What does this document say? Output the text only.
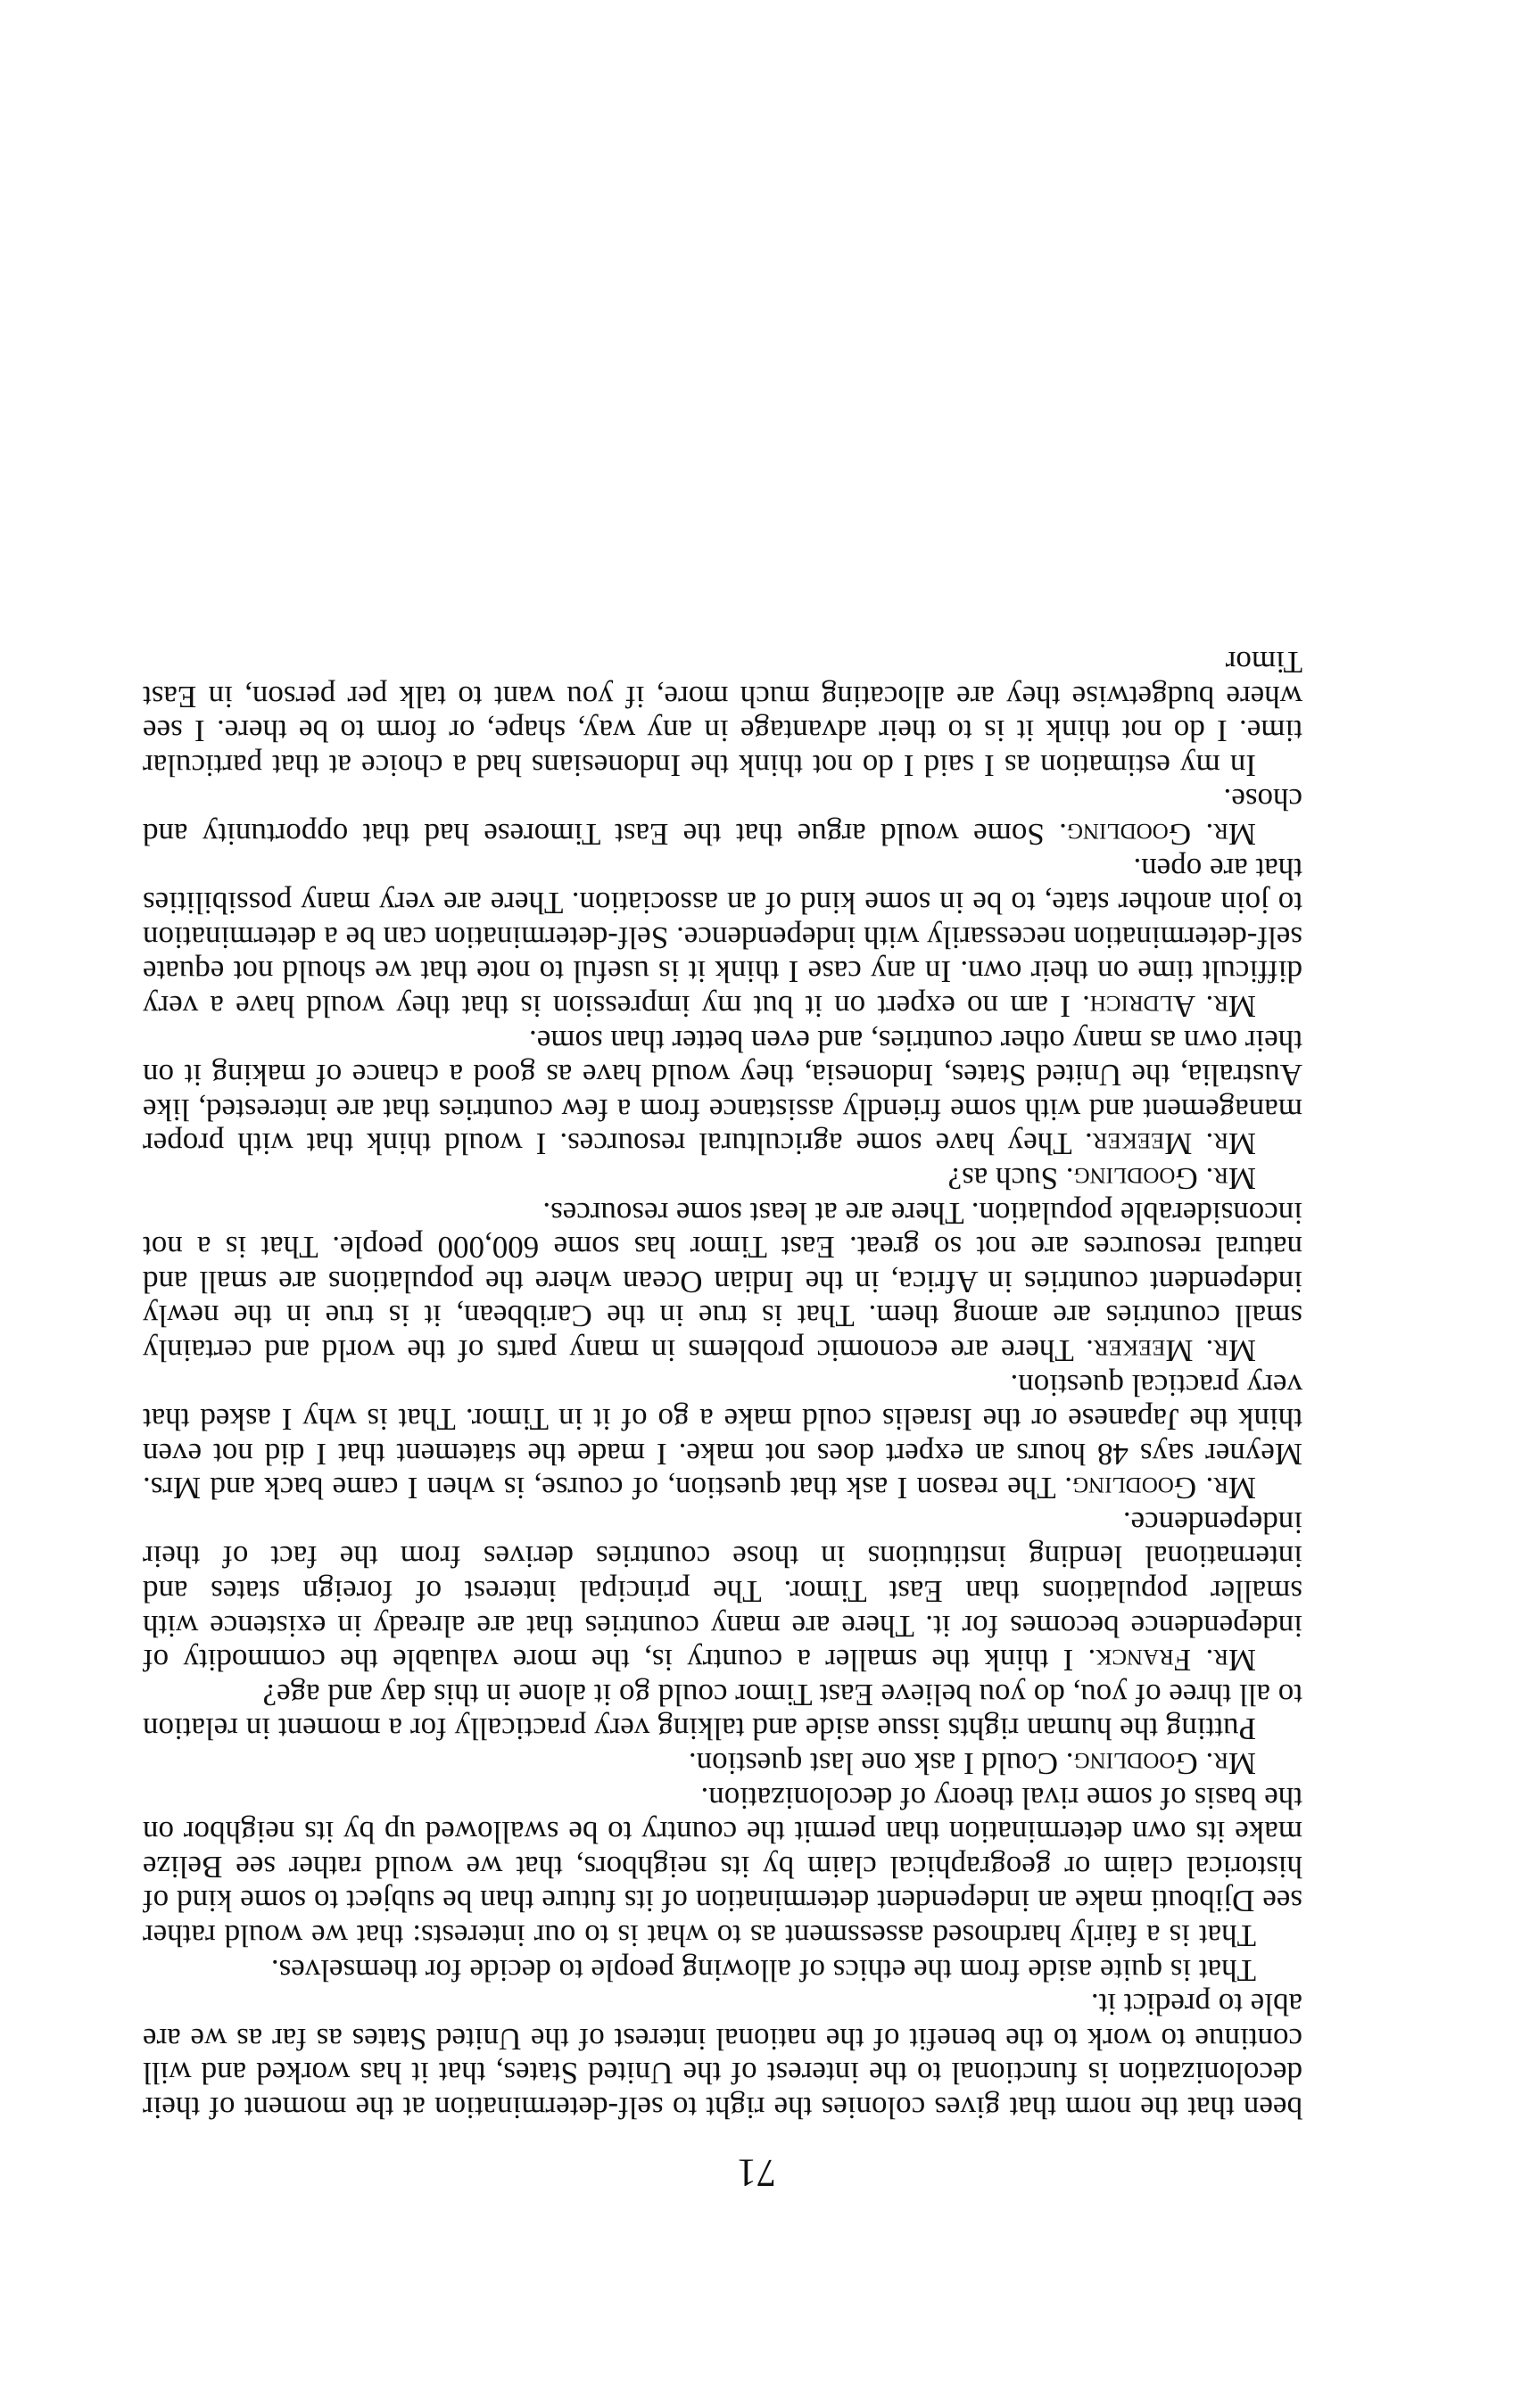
71

been that the norm that gives colonies the right to self-determination at the moment of their decolonization is functional to the interest of the United States, that it has worked and will continue to work to the benefit of the national interest of the United States as far as we are able to predict it.

That is quite aside from the ethics of allowing people to decide for themselves.

That is a fairly hardnosed assessment as to what is to our interests: that we would rather see Djibouti make an independent determination of its future than be subject to some kind of historical claim or geographical claim by its neighbors, that we would rather see Belize make its own determination than permit the country to be swallowed up by its neighbor on the basis of some rival theory of decolonization.

Mr. Goodling. Could I ask one last question.

Putting the human rights issue aside and talking very practically for a moment in relation to all three of you, do you believe East Timor could go it alone in this day and age?

Mr. Franck. I think the smaller a country is, the more valuable the commodity of independence becomes for it. There are many countries that are already in existence with smaller populations than East Timor. The principal interest of foreign states and international lending institutions in those countries derives from the fact of their independence.

Mr. Goodling. The reason I ask that question, of course, is when I came back and Mrs. Meyner says 48 hours an expert does not make. I made the statement that I did not even think the Japanese or the Israelis could make a go of it in Timor. That is why I asked that very practical question.

Mr. Meeker. There are economic problems in many parts of the world and certainly small countries are among them. That is true in the Caribbean, it is true in the newly independent countries in Africa, in the Indian Ocean where the populations are small and natural resources are not so great. East Timor has some 600,000 people. That is a not inconsiderable population. There are at least some resources.

Mr. Goodling. Such as?

Mr. Meeker. They have some agricultural resources. I would think that with proper management and with some friendly assistance from a few countries that are interested, like Australia, the United States, Indonesia, they would have as good a chance of making it on their own as many other countries, and even better than some.

Mr. Aldrich. I am no expert on it but my impression is that they would have a very difficult time on their own. In any case I think it is useful to note that we should not equate self-determination necessarily with independence. Self-determination can be a determination to join another state, to be in some kind of an association. There are very many possibilities that are open.

Mr. Goodling. Some would argue that the East Timorese had that opportunity and chose.

In my estimation as I said I do not think the Indonesians had a choice at that particular time. I do not think it is to their advantage in any way, shape, or form to be there. I see where budgetwise they are allocating much more, if you want to talk per person, in East Timor
